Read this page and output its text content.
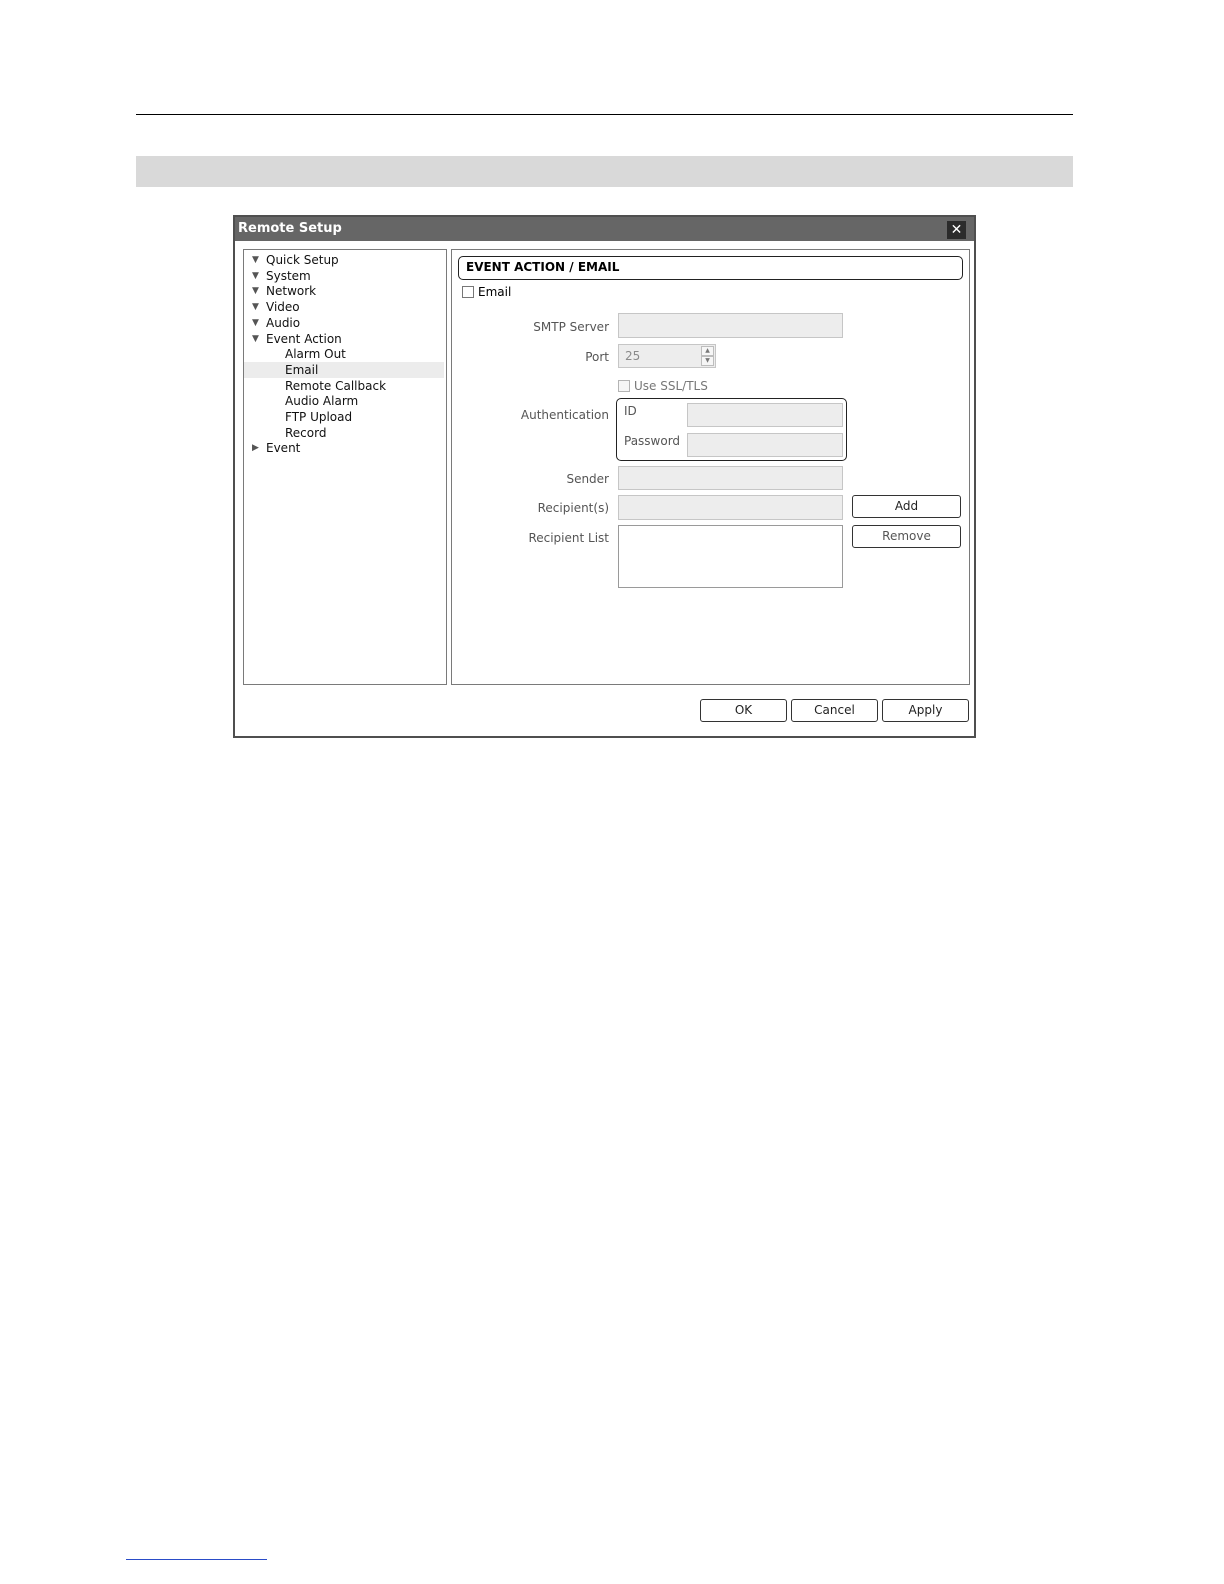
Remote Setup	✕
▼ Quick Setup
▼ System
▼ Network
▼ Video
▼ Audio
▼ Event Action
Alarm Out
Email
Remote Callback
Audio Alarm
FTP Upload
Record
▶ Event
EVENT ACTION / EMAIL
Email
SMTP Server
Port	25	▲
▼
Use SSL/TLS
Authentication ID
Password
Sender
Recipient(s)	Add
Recipient List	Remove
OK	Cancel	Apply
